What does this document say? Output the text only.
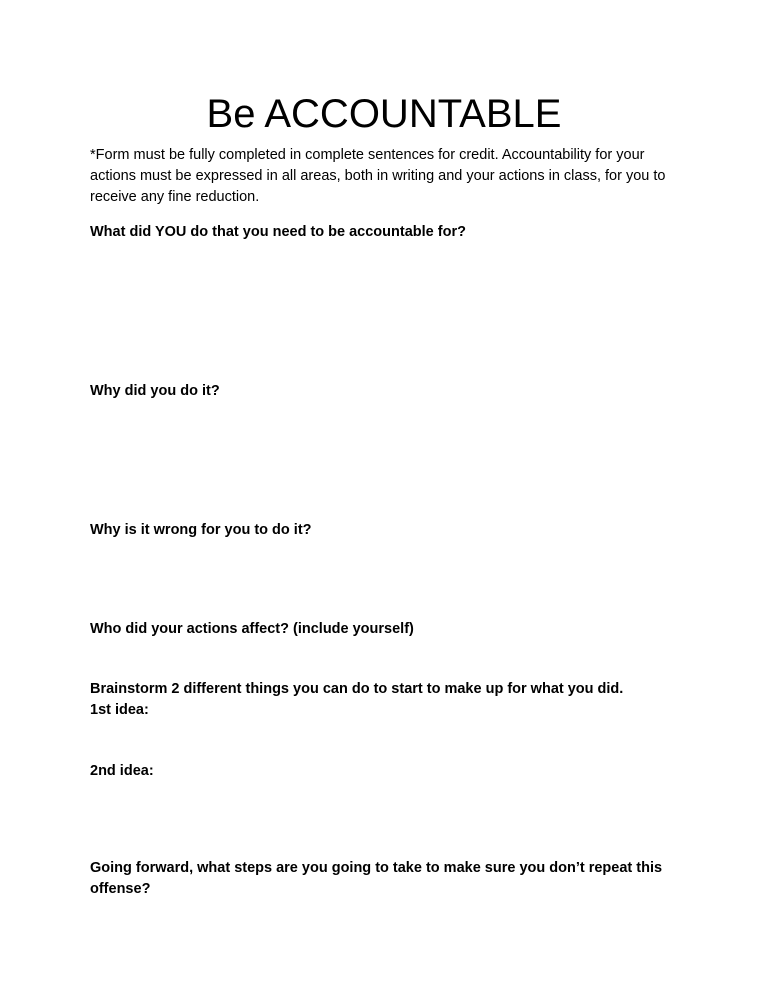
Be ACCOUNTABLE

*Form must be fully completed in complete sentences for credit. Accountability for your actions must be expressed in all areas, both in writing and your actions in class, for you to receive any fine reduction.

What did YOU do that you need to be accountable for?

Why did you do it?

Why is it wrong for you to do it?

Who did your actions affect? (include yourself)

Brainstorm 2 different things you can do to start to make up for what you did.
1st idea:

2nd idea:

Going forward, what steps are you going to take to make sure you don’t repeat this offense?
